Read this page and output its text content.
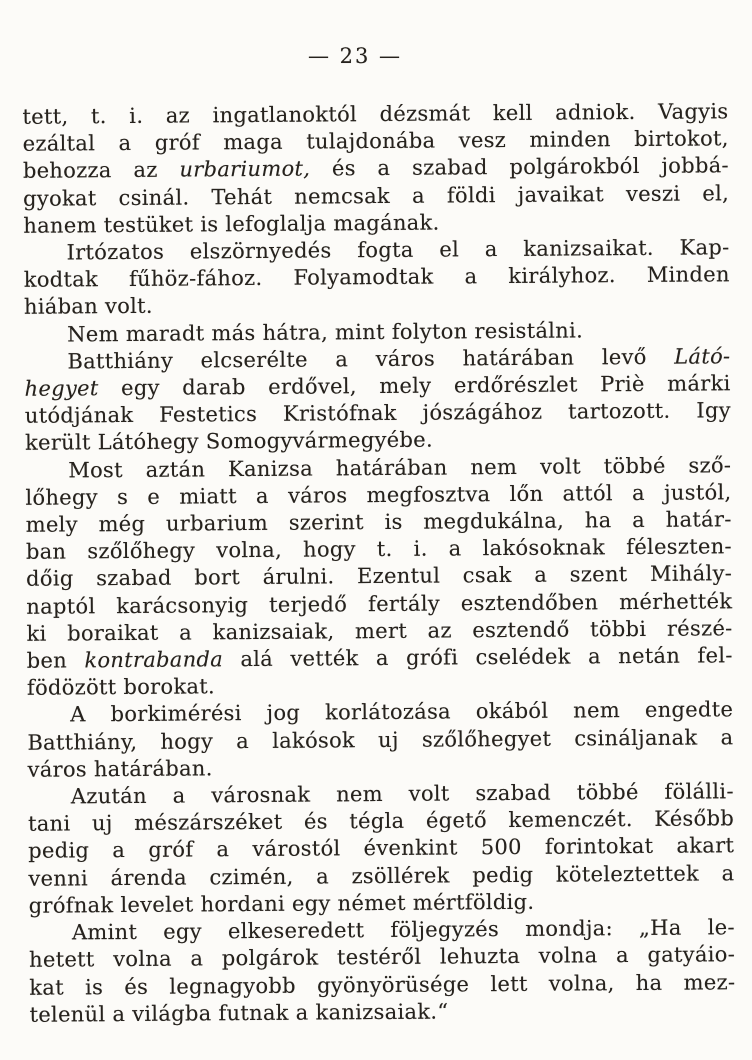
— 23 —
tett, t. i. az ingatlanoktól dézsmát kell adniok. Vagyis
ezáltal a gróf maga tulajdonába vesz minden birtokot,
behozza az urbariumot, és a szabad polgárokból jobbá-
gyokat csinál. Tehát nemcsak a földi javaikat veszi el,
hanem testüket is lefoglalja magának.
Irtózatos elszörnyedés fogta el a kanizsaikat. Kap-
kodtak fűhöz-fához. Folyamodtak a királyhoz. Minden
hiában volt.
Nem maradt más hátra, mint folyton resistálni.
Batthiány elcserélte a város határában levő Látó-
hegyet egy darab erdővel, mely erdőrészlet Priè márki
utódjának Festetics Kristófnak jószágához tartozott. Igy
került Látóhegy Somogyvármegyébe.
Most aztán Kanizsa határában nem volt többé sző-
lőhegy s e miatt a város megfosztva lőn attól a justól,
mely még urbarium szerint is megdukálna, ha a határ-
ban szőlőhegy volna, hogy t. i. a lakósoknak féleszten-
dőig szabad bort árulni. Ezentul csak a szent Mihály-
naptól karácsonyig terjedő fertály esztendőben mérhették
ki boraikat a kanizsaiak, mert az esztendő többi részé-
ben kontrabanda alá vették a grófi cselédek a netán fel-
födözött borokat.
A borkimérési jog korlátozása okából nem engedte
Batthiány, hogy a lakósok uj szőlőhegyet csináljanak a
város határában.
Azután a városnak nem volt szabad többé fölálli-
tani uj mészárszéket és tégla égető kemenczét. Később
pedig a gróf a várostól évenkint 500 forintokat akart
venni árenda czimén, a zsöllérek pedig köteleztettek a
grófnak levelet hordani egy német mértföldig.
Amint egy elkeseredett följegyzés mondja: „Ha le-
hetett volna a polgárok testéről lehuzta volna a gatyáio-
kat is és legnagyobb gyönyörüsége lett volna, ha mez-
telenül a világba futnak a kanizsaiak.“
